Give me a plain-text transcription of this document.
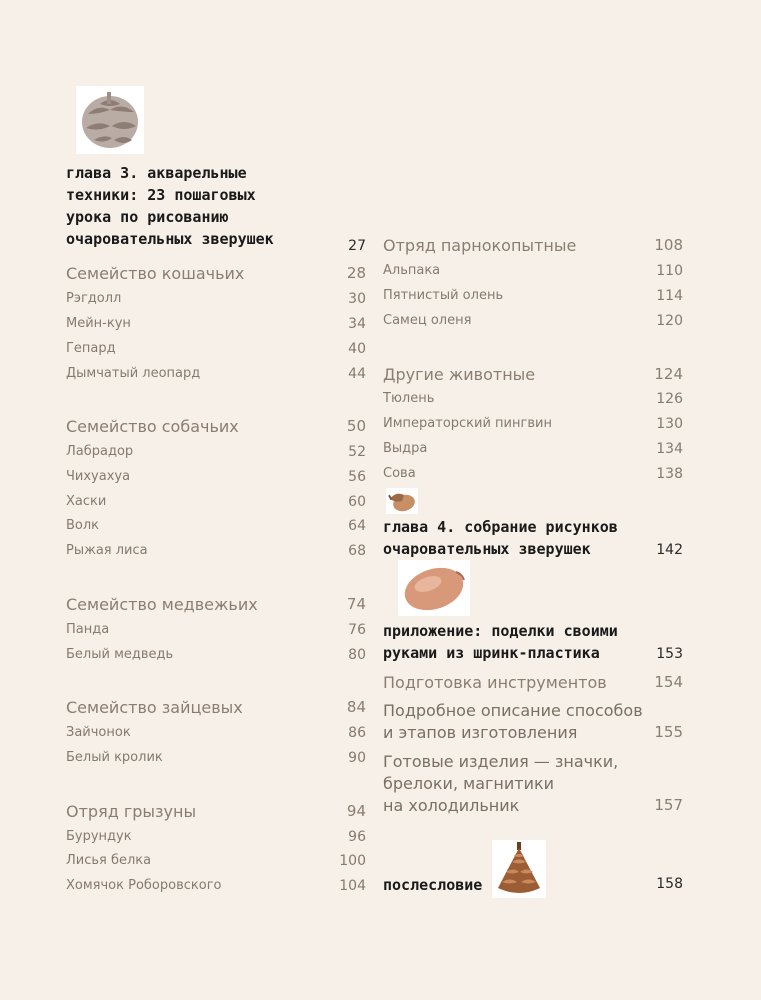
глава 3. акварельные
техники: 23 пошаговых
урока по рисованию
очаровательных зверушек	27
Семейство кошачьих	28
Рэгдолл	30
Мейн-кун	34
Гепард	40
Дымчатый леопард	44
Семейство собачьих	50
Лабрадор	52
Чихуахуа	56
Хаски	60
Волк	64
Рыжая лиса	68
Семейство медвежьих	74
Панда	76
Белый медведь	80
Семейство зайцевых	84
Зайчонок	86
Белый кролик	90
Отряд грызуны	94
Бурундук	96
Лисья белка	100
Хомячок Роборовского	104
Отряд парнокопытные	108
Альпака	110
Пятнистый олень	114
Самец оленя	120
Другие животные	124
Тюлень	126
Императорский пингвин	130
Выдра	134
Сова	138
глава 4. собрание рисунков
очаровательных зверушек	142
приложение: поделки своими
руками из шринк-пластика	153
Подготовка инструментов	154
Подробное описание способов
и этапов изготовления	155
Готовые изделия — значки,
брелоки, магнитики
на холодильник	157
послесловие	158
